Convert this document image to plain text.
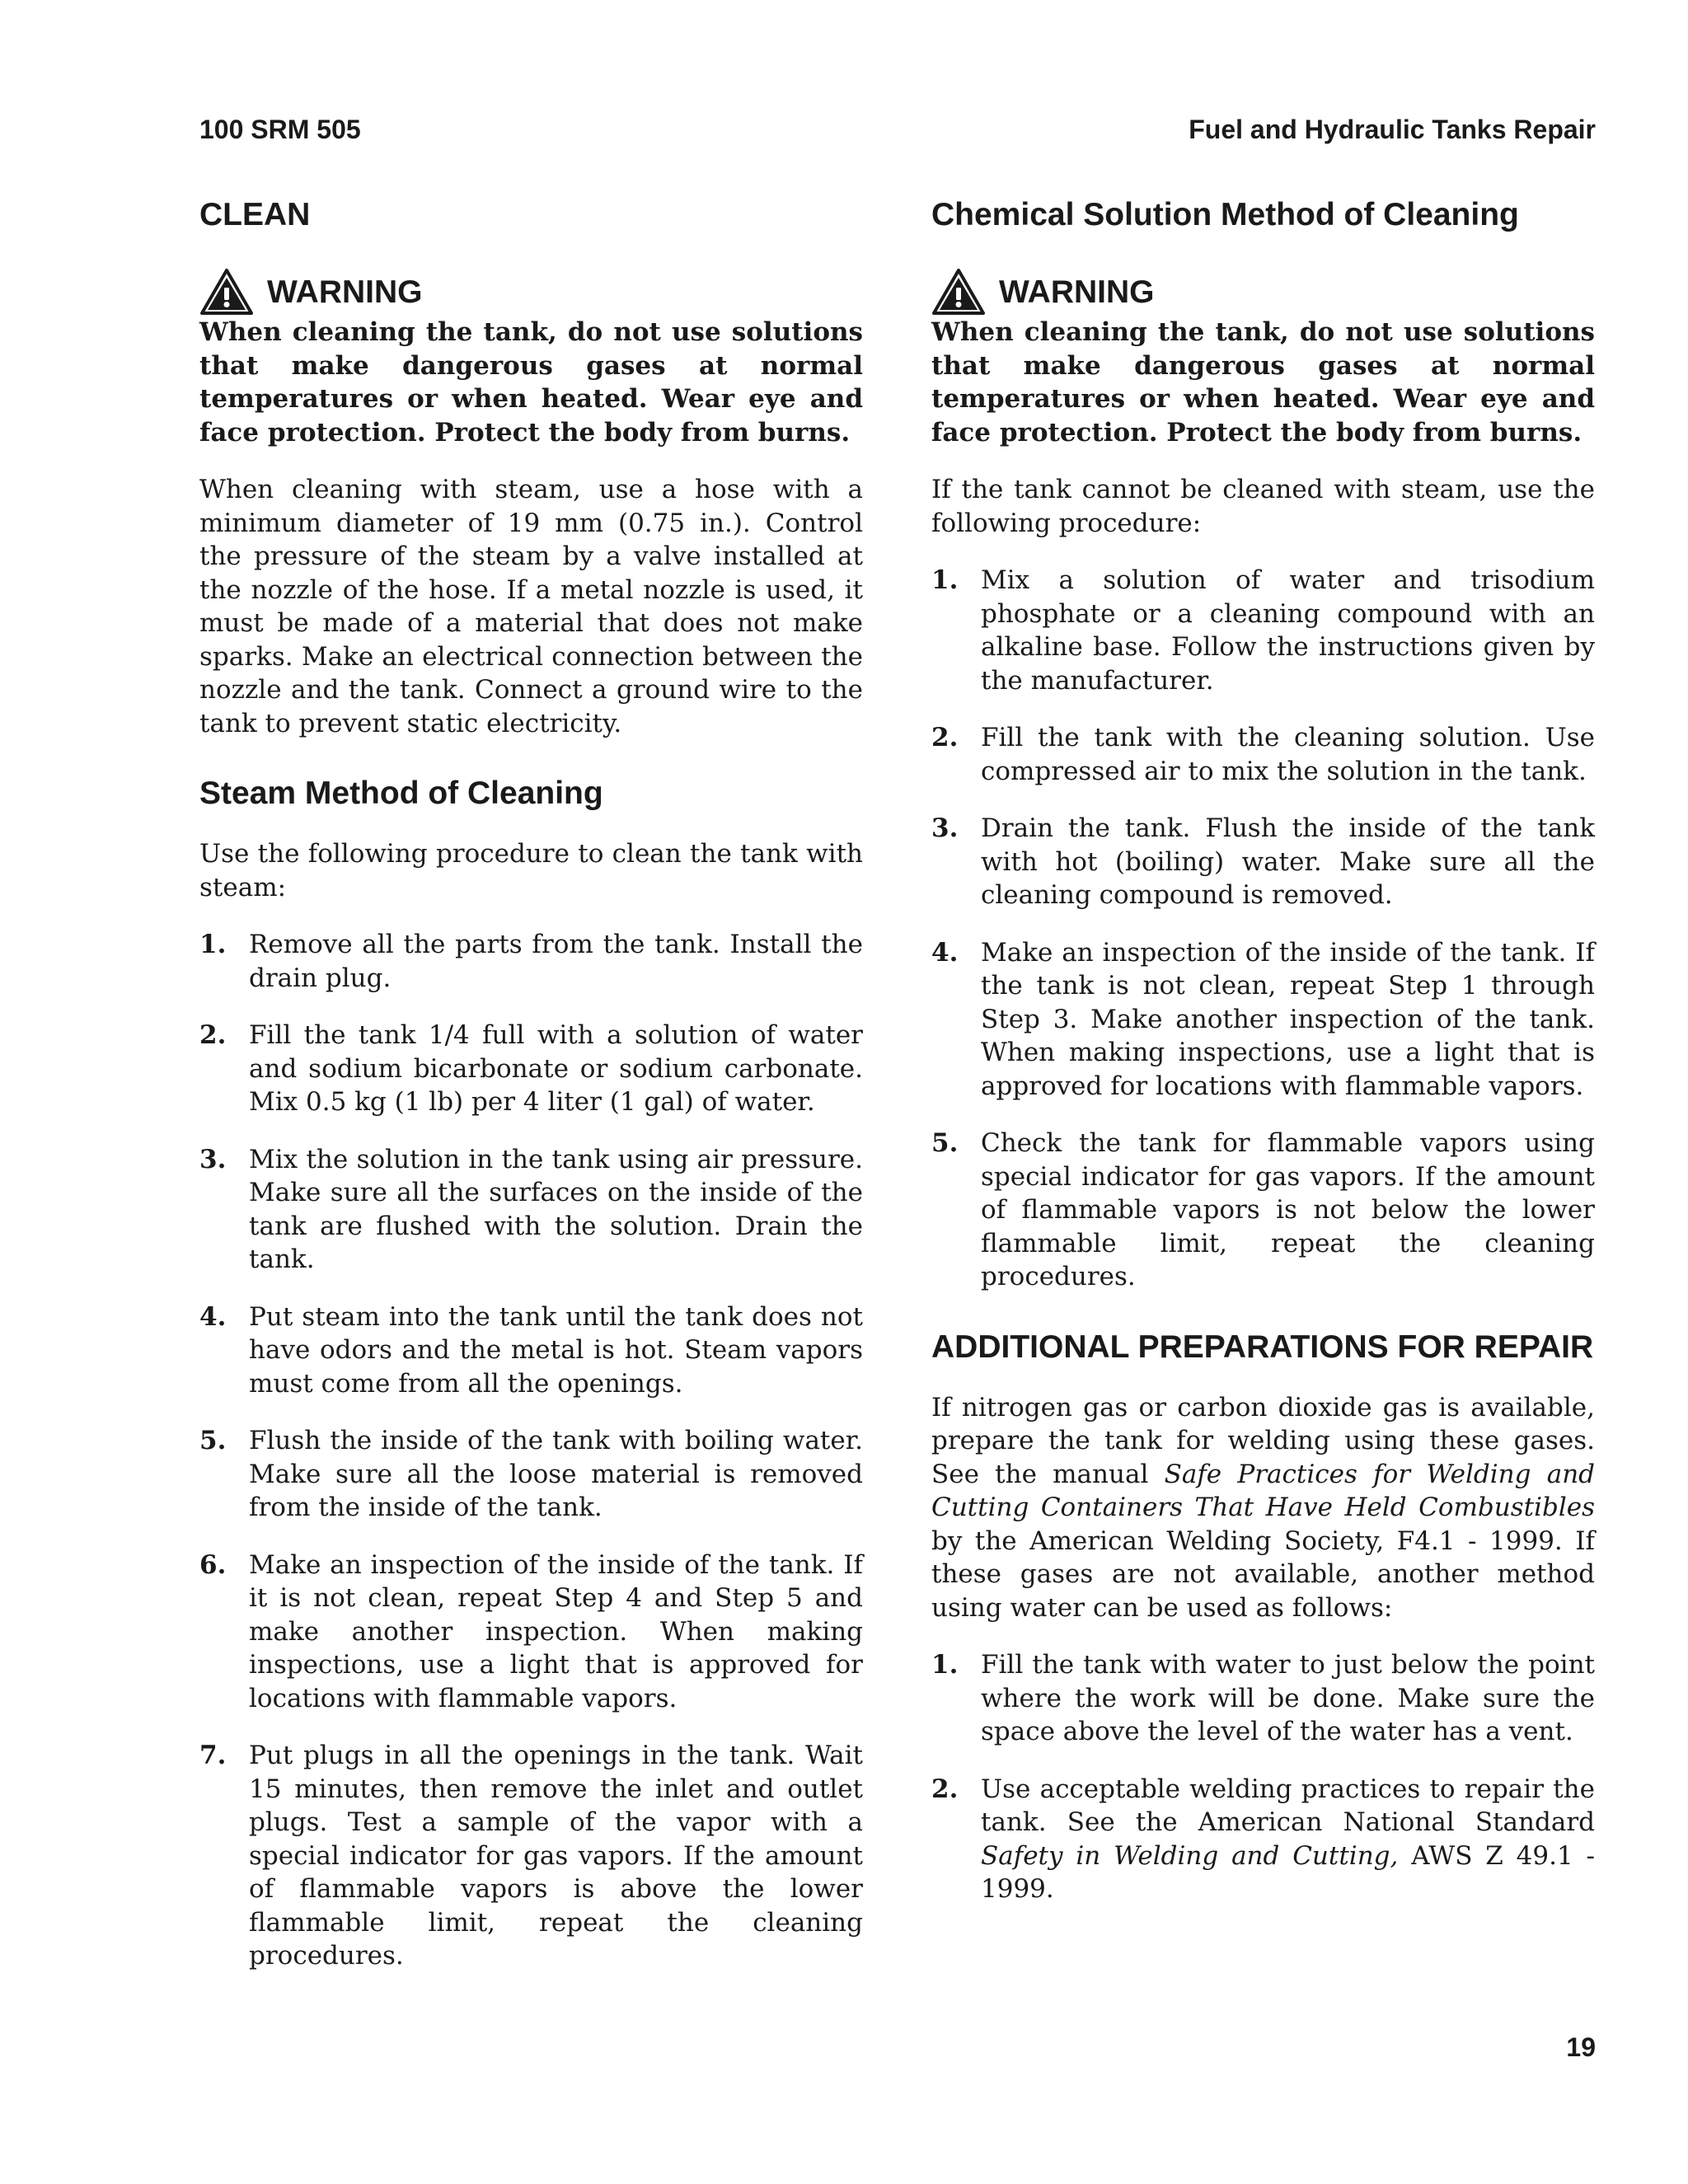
100 SRM 505	Fuel and Hydraulic Tanks Repair
CLEAN
WARNING

When cleaning the tank, do not use solutions that make dangerous gases at normal temperatures or when heated. Wear eye and face protection. Protect the body from burns.

When cleaning with steam, use a hose with a minimum diameter of 19 mm (0.75 in.). Control the pressure of the steam by a valve installed at the nozzle of the hose. If a metal nozzle is used, it must be made of a material that does not make sparks. Make an electrical connection between the nozzle and the tank. Connect a ground wire to the tank to prevent static electricity.

Steam Method of Cleaning

Use the following procedure to clean the tank with steam:

1. Remove all the parts from the tank. Install the drain plug.
2. Fill the tank 1/4 full with a solution of water and sodium bicarbonate or sodium carbonate. Mix 0.5 kg (1 lb) per 4 liter (1 gal) of water.
3. Mix the solution in the tank using air pressure. Make sure all the surfaces on the inside of the tank are flushed with the solution. Drain the tank.
4. Put steam into the tank until the tank does not have odors and the metal is hot. Steam vapors must come from all the openings.
5. Flush the inside of the tank with boiling water. Make sure all the loose material is removed from the inside of the tank.
6. Make an inspection of the inside of the tank. If it is not clean, repeat Step 4 and Step 5 and make another inspection. When making inspections, use a light that is approved for locations with flammable vapors.
7. Put plugs in all the openings in the tank. Wait 15 minutes, then remove the inlet and outlet plugs. Test a sample of the vapor with a special indicator for gas vapors. If the amount of flammable vapors is above the lower flammable limit, repeat the cleaning procedures.
Chemical Solution Method of Cleaning
WARNING

When cleaning the tank, do not use solutions that make dangerous gases at normal temperatures or when heated. Wear eye and face protection. Protect the body from burns.

If the tank cannot be cleaned with steam, use the following procedure:

1. Mix a solution of water and trisodium phosphate or a cleaning compound with an alkaline base. Follow the instructions given by the manufacturer.
2. Fill the tank with the cleaning solution. Use compressed air to mix the solution in the tank.
3. Drain the tank. Flush the inside of the tank with hot (boiling) water. Make sure all the cleaning compound is removed.
4. Make an inspection of the inside of the tank. If the tank is not clean, repeat Step 1 through Step 3. Make another inspection of the tank. When making inspections, use a light that is approved for locations with flammable vapors.
5. Check the tank for flammable vapors using special indicator for gas vapors. If the amount of flammable vapors is not below the lower flammable limit, repeat the cleaning procedures.
ADDITIONAL PREPARATIONS FOR REPAIR

If nitrogen gas or carbon dioxide gas is available, prepare the tank for welding using these gases. See the manual Safe Practices for Welding and Cutting Containers That Have Held Combustibles by the American Welding Society, F4.1 - 1999. If these gases are not available, another method using water can be used as follows:

1. Fill the tank with water to just below the point where the work will be done. Make sure the space above the level of the water has a vent.
2. Use acceptable welding practices to repair the tank. See the American National Standard Safety in Welding and Cutting, AWS Z 49.1 - 1999.
19
